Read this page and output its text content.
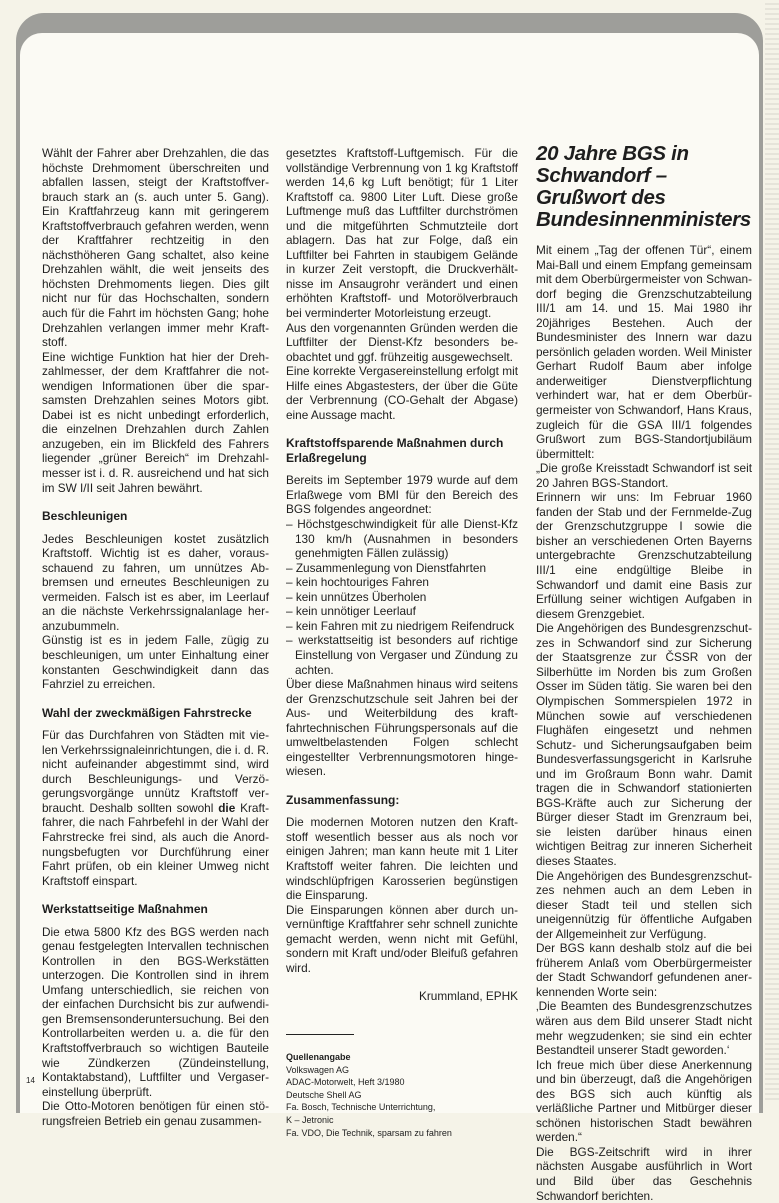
Wählt der Fahrer aber Drehzahlen, die das höchste Drehmoment überschreiten und abfallen lassen, steigt der Kraftstoffverbrauch stark an (s. auch unter 5. Gang). Ein Kraftfahrzeug kann mit geringerem Kraftstoffverbrauch gefahren werden, wenn der Kraftfahrer rechtzeitig in den nächsthöheren Gang schaltet, also keine Drehzahlen wählt, die weit jenseits des höchsten Drehmoments liegen. Dies gilt nicht nur für das Hochschalten, sondern auch für die Fahrt im höchsten Gang; hohe Drehzahlen verlangen immer mehr Kraftstoff.

Eine wichtige Funktion hat hier der Drehzahlmesser, der dem Kraftfahrer die notwendigen Informationen über die sparsamsten Drehzahlen seines Motors gibt. Dabei ist es nicht unbedingt erforderlich, die einzelnen Drehzahlen durch Zahlen anzugeben, ein im Blickfeld des Fahrers liegender „grüner Bereich“ im Drehzahlmesser ist i. d. R. ausreichend und hat sich im SW I/II seit Jahren bewährt.

Beschleunigen

Jedes Beschleunigen kostet zusätzlich Kraftstoff. Wichtig ist es daher, vorausschauend zu fahren, um unnützes Abbremsen und erneutes Beschleunigen zu vermeiden. Falsch ist es aber, im Leerlauf an die nächste Verkehrssignalanlage heranzubummeln.

Günstig ist es in jedem Falle, zügig zu beschleunigen, um unter Einhaltung einer konstanten Geschwindigkeit dann das Fahrziel zu erreichen.

Wahl der zweckmäßigen Fahrstrecke

Für das Durchfahren von Städten mit vielen Verkehrssignaleinrichtungen, die i. d. R. nicht aufeinander abgestimmt sind, wird durch Beschleunigungs- und Verzögerungsvorgänge unnütz Kraftstoff verbraucht. Deshalb sollten sowohl die Kraftfahrer, die nach Fahrbefehl in der Wahl der Fahrstrecke frei sind, als auch die Anordnungsbefugten vor Durchführung einer Fahrt prüfen, ob ein kleiner Umweg nicht Kraftstoff einspart.

Werkstattseitige Maßnahmen

Die etwa 5800 Kfz des BGS werden nach genau festgelegten Intervallen technischen Kontrollen in den BGS-Werkstätten unterzogen. Die Kontrollen sind in ihrem Umfang unterschiedlich, sie reichen von der einfachen Durchsicht bis zur aufwendigen Bremsensonderuntersuchung. Bei den Kontrollarbeiten werden u. a. die für den Kraftstoffverbrauch so wichtigen Bauteile wie Zündkerzen (Zündeinstellung, Kontaktabstand), Luftfilter und Vergasereinstellung überprüft.

Die Otto-Motoren benötigen für einen störungsfreien Betrieb ein genau zusammen-

gesetztes Kraftstoff-Luftgemisch. Für die vollständige Verbrennung von 1 kg Kraftstoff werden 14,6 kg Luft benötigt; für 1 Liter Kraftstoff ca. 9800 Liter Luft. Diese große Luftmenge muß das Luftfilter durchströmen und die mitgeführten Schmutzteile dort ablagern. Das hat zur Folge, daß ein Luftfilter bei Fahrten in staubigem Gelände in kurzer Zeit verstopft, die Druckverhältnisse im Ansaugrohr verändert und einen erhöhten Kraftstoff- und Motorölverbrauch bei verminderter Motorleistung erzeugt.

Aus den vorgenannten Gründen werden die Luftfilter der Dienst-Kfz besonders beobachtet und ggf. frühzeitig ausgewechselt.

Eine korrekte Vergasereinstellung erfolgt mit Hilfe eines Abgastesters, der über die Güte der Verbrennung (CO-Gehalt der Abgase) eine Aussage macht.

Kraftstoffsparende Maßnahmen durch Erlaßregelung

Bereits im September 1979 wurde auf dem Erlaßwege vom BMI für den Bereich des BGS folgendes angeordnet:

– Höchstgeschwindigkeit für alle Dienst-Kfz 130 km/h (Ausnahmen in besonders genehmigten Fällen zulässig)
– Zusammenlegung von Dienstfahrten
– kein hochtouriges Fahren
– kein unnützes Überholen
– kein unnötiger Leerlauf
– kein Fahren mit zu niedrigem Reifendruck
– werkstattseitig ist besonders auf richtige Einstellung von Vergaser und Zündung zu achten.

Über diese Maßnahmen hinaus wird seitens der Grenzschutzschule seit Jahren bei der Aus- und Weiterbildung des kraftfahrtechnischen Führungspersonals auf die umweltbelastenden Folgen schlecht eingestellter Verbrennungsmotoren hingewiesen.

Zusammenfassung:

Die modernen Motoren nutzen den Kraftstoff wesentlich besser aus als noch vor einigen Jahren; man kann heute mit 1 Liter Kraftstoff weiter fahren. Die leichten und windschlüpfrigen Karosserien begünstigen die Einsparung.

Die Einsparungen können aber durch unvernünftige Kraftfahrer sehr schnell zunichte gemacht werden, wenn nicht mit Gefühl, sondern mit Kraft und/oder Bleifuß gefahren wird.

Krummland, EPHK

Quellenangabe
Volkswagen AG
ADAC-Motorwelt, Heft 3/1980
Deutsche Shell AG
Fa. Bosch, Technische Unterrichtung,
K – Jetronic
Fa. VDO, Die Technik, sparsam zu fahren
20 Jahre BGS in Schwandorf – Grußwort des Bundesinnenministers

Mit einem „Tag der offenen Tür“, einem Mai-Ball und einem Empfang gemeinsam mit dem Oberbürgermeister von Schwandorf beging die Grenzschutzabteilung III/1 am 14. und 15. Mai 1980 ihr 20jähriges Bestehen. Auch der Bundesminister des Innern war dazu persönlich geladen worden. Weil Minister Gerhart Rudolf Baum aber infolge anderweitiger Dienstverpflichtung verhindert war, hat er dem Oberbürgermeister von Schwandorf, Hans Kraus, zugleich für die GSA III/1 folgendes Grußwort zum BGS-Standortjubiläum übermittelt:

„Die große Kreisstadt Schwandorf ist seit 20 Jahren BGS-Standort.

Erinnern wir uns: Im Februar 1960 fanden der Stab und der Fernmelde-Zug der Grenzschutzgruppe I sowie die bisher an verschiedenen Orten Bayerns untergebrachte Grenzschutzabteilung III/1 eine endgültige Bleibe in Schwandorf und damit eine Basis zur Erfüllung seiner wichtigen Aufgaben in diesem Grenzgebiet.

Die Angehörigen des Bundesgrenzschutzes in Schwandorf sind zur Sicherung der Staatsgrenze zur ČSSR von der Silberhütte im Norden bis zum Großen Osser im Süden tätig. Sie waren bei den Olympischen Sommerspielen 1972 in München sowie auf verschiedenen Flughäfen eingesetzt und nehmen Schutz- und Sicherungsaufgaben beim Bundesverfassungsgericht in Karlsruhe und im Großraum Bonn wahr. Damit tragen die in Schwandorf stationierten BGS-Kräfte auch zur Sicherung der Bürger dieser Stadt im Grenzraum bei, sie leisten darüber hinaus einen wichtigen Beitrag zur inneren Sicherheit dieses Staates.

Die Angehörigen des Bundesgrenzschutzes nehmen auch an dem Leben in dieser Stadt teil und stellen sich uneigennützig für öffentliche Aufgaben der Allgemeinheit zur Verfügung.

Der BGS kann deshalb stolz auf die bei früherem Anlaß vom Oberbürgermeister der Stadt Schwandorf gefundenen anerkennenden Worte sein:

‚Die Beamten des Bundesgrenzschutzes wären aus dem Bild unserer Stadt nicht mehr wegzudenken; sie sind ein echter Bestandteil unserer Stadt geworden.‘

Ich freue mich über diese Anerkennung und bin überzeugt, daß die Angehörigen des BGS sich auch künftig als verläßliche Partner und Mitbürger dieser schönen historischen Stadt bewähren werden.“

Die BGS-Zeitschrift wird in ihrer nächsten Ausgabe ausführlich in Wort und Bild über das Geschehnis Schwandorf berichten.

14
